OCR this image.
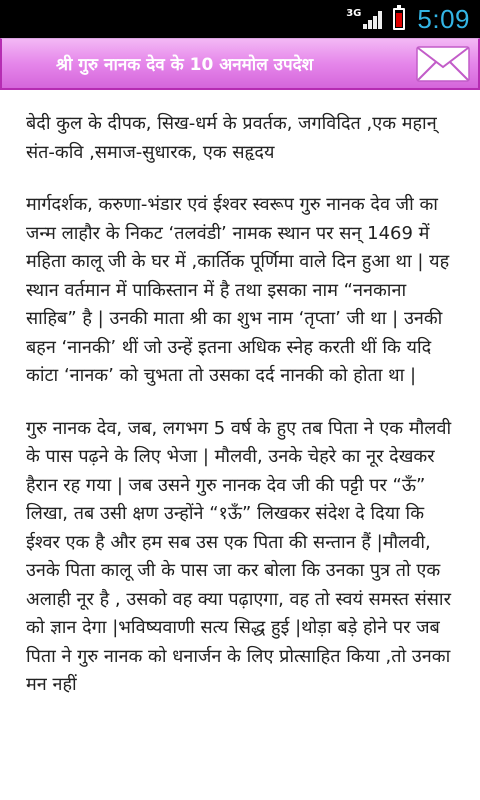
3G 5:09
श्री गुरु नानक देव के 10 अनमोल उपदेश

बेदी कुल के दीपक, सिख-धर्म के प्रवर्तक, जगविदित ,एक महान् संत-कवि ,समाज-सुधारक, एक सहृदय

मार्गदर्शक, करुणा-भंडार एवं ईश्वर स्वरूप गुरु नानक देव जी का जन्म लाहौर के निकट ‘तलवंडी’ नामक स्थान पर सन् 1469 में महिता कालू जी के घर में ,कार्तिक पूर्णिमा वाले दिन हुआ था | यह स्थान वर्तमान में पाकिस्तान में है तथा इसका नाम “ननकाना साहिब” है | उनकी माता श्री का शुभ नाम ‘तृप्ता’ जी था | उनकी बहन ‘नानकी’ थीं जो उन्हें इतना अधिक स्नेह करती थीं कि यदि कांटा ‘नानक’ को चुभता तो उसका दर्द नानकी को होता था |

गुरु नानक देव, जब, लगभग 5 वर्ष के हुए तब पिता ने एक मौलवी के पास पढ़ने के लिए भेजा | मौलवी, उनके चेहरे का नूर देखकर हैरान रह गया | जब उसने गुरु नानक देव जी की पट्टी पर “ऊँ” लिखा, तब उसी क्षण उन्होंने “१ऊँ” लिखकर संदेश दे दिया कि ईश्वर एक है और हम सब उस एक पिता की सन्तान हैं |मौलवी, उनके पिता कालू जी के पास जा कर बोला कि उनका पुत्र तो एक अलाही नूर है , उसको वह क्या पढ़ाएगा, वह तो स्वयं समस्त संसार को ज्ञान देगा |भविष्यवाणी सत्य सिद्ध हुई |थोड़ा बड़े होने पर जब पिता ने गुरु नानक को धनार्जन के लिए प्रोत्साहित किया ,तो उनका मन नहीं
